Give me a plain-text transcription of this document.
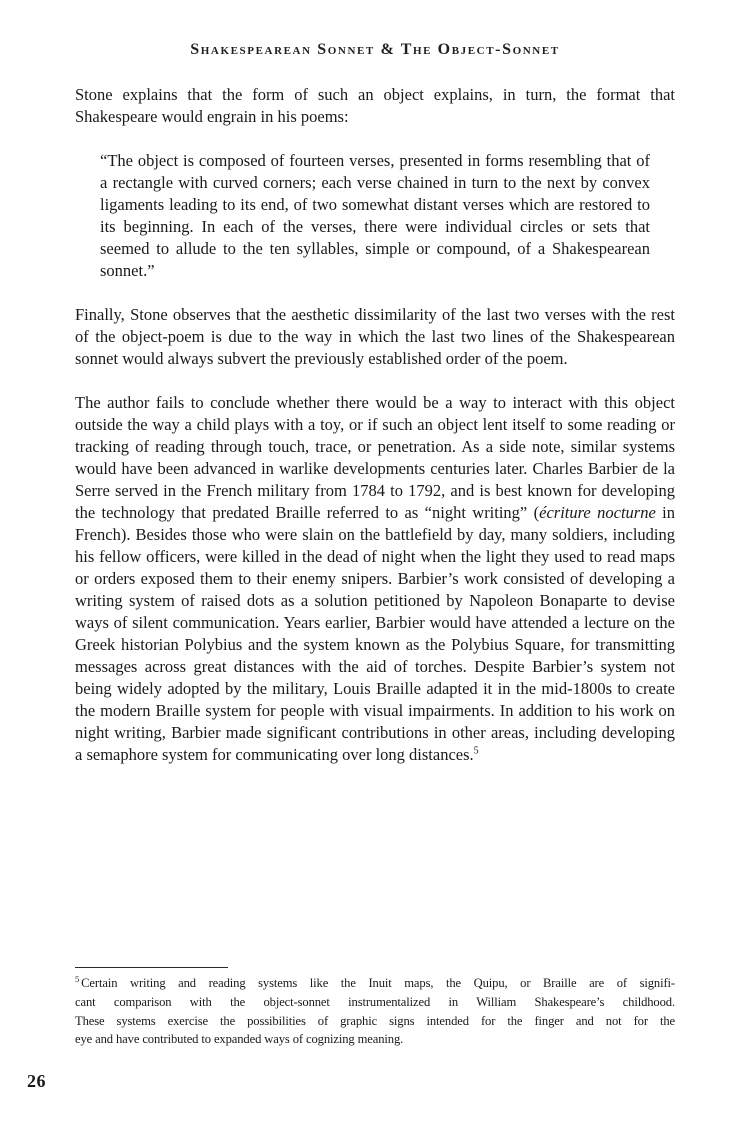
Shakespearean Sonnet & The Object-Sonnet

Stone explains that the form of such an object explains, in turn, the format that Shakespeare would engrain in his poems:

“The object is composed of fourteen verses, presented in forms resembling that of a rectangle with curved corners; each verse chained in turn to the next by convex ligaments leading to its end, of two somewhat distant verses which are restored to its beginning. In each of the verses, there were individual circles or sets that seemed to allude to the ten syllables, simple or compound, of a Shakespearean sonnet.”

Finally, Stone observes that the aesthetic dissimilarity of the last two verses with the rest of the object-poem is due to the way in which the last two lines of the Shakespearean sonnet would always subvert the previously established order of the poem.

The author fails to conclude whether there would be a way to interact with this object outside the way a child plays with a toy, or if such an object lent itself to some reading or tracking of reading through touch, trace, or penetration. As a side note, similar systems would have been advanced in warlike developments centuries later. Charles Barbier de la Serre served in the French military from 1784 to 1792, and is best known for developing the technology that predated Braille referred to as “night writing” (écriture nocturne in French). Besides those who were slain on the battlefield by day, many soldiers, including his fellow officers, were killed in the dead of night when the light they used to read maps or orders exposed them to their enemy snipers. Barbier’s work consisted of developing a writing system of raised dots as a solution petitioned by Napoleon Bonaparte to devise ways of silent communication. Years earlier, Barbier would have attended a lecture on the Greek historian Polybius and the system known as the Polybius Square, for transmitting messages across great distances with the aid of torches. Despite Barbier’s system not being widely adopted by the military, Louis Braille adapted it in the mid-1800s to create the modern Braille system for people with visual impairments. In addition to his work on night writing, Barbier made significant contributions in other areas, including developing a semaphore system for communicating over long distances.$^5$

$^5$ Certain writing and reading systems like the Inuit maps, the Quipu, or Braille are of signifi-
cant comparison with the object-sonnet instrumentalized in William Shakespeare’s childhood.
These systems exercise the possibilities of graphic signs intended for the finger and not for the
eye and have contributed to expanded ways of cognizing meaning.
26
